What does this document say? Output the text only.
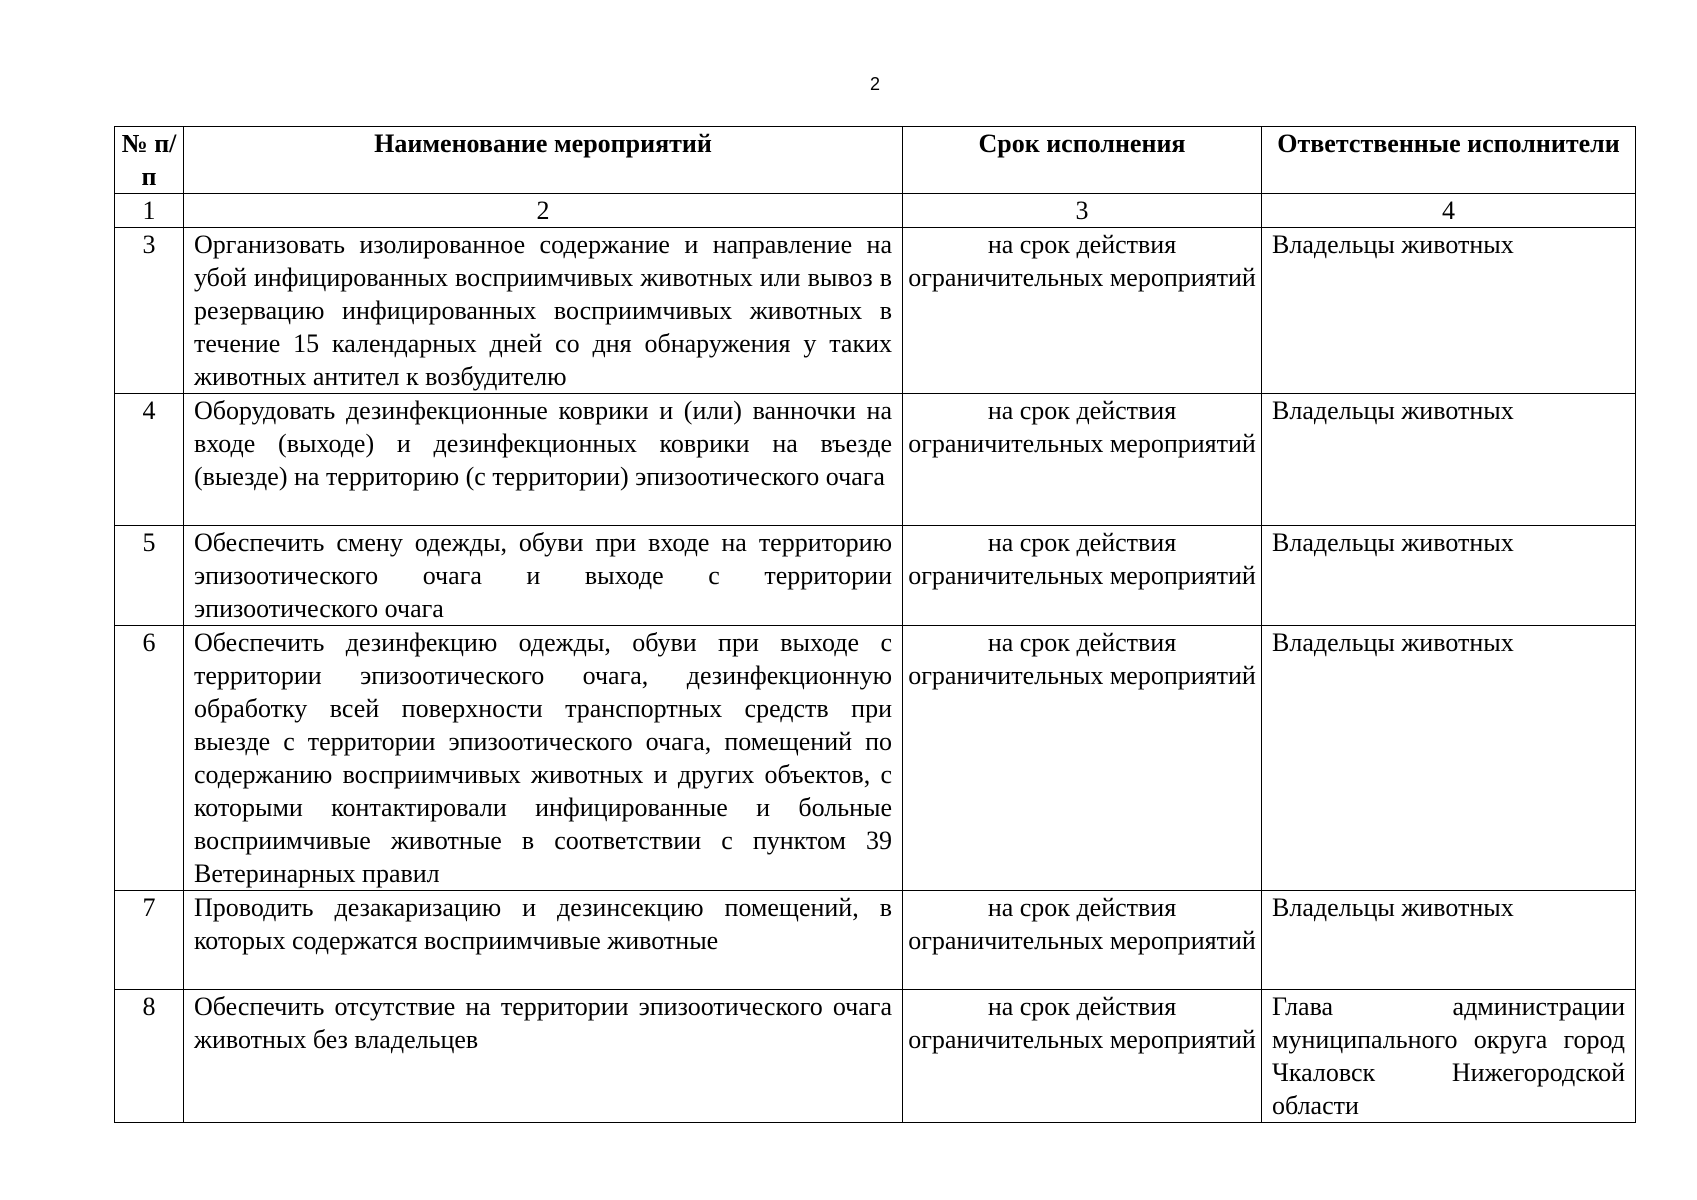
2
№ п/п	Наименование мероприятий	Срок исполнения	Ответственные исполнители
1	2	3	4
3	Организовать изолированное содержание и направление на убой инфицированных восприимчивых животных или вывоз в резервацию инфицированных восприимчивых животных в течение 15 календарных дней со дня обнаружения у таких животных антител к возбудителю	на срок действия ограничительных мероприятий	Владельцы животных
4	Оборудовать дезинфекционные коврики и (или) ванночки на входе (выходе) и дезинфекционных коврики на въезде (выезде) на территорию (с территории) эпизоотического очага	на срок действия ограничительных мероприятий	Владельцы животных
5	Обеспечить смену одежды, обуви при входе на территорию эпизоотического очага и выходе с территории эпизоотического очага	на срок действия ограничительных мероприятий	Владельцы животных
6	Обеспечить дезинфекцию одежды, обуви при выходе с территории эпизоотического очага, дезинфекционную обработку всей поверхности транспортных средств при выезде с территории эпизоотического очага, помещений по содержанию восприимчивых животных и других объектов, с которыми контактировали инфицированные и больные восприимчивые животные в соответствии с пунктом 39 Ветеринарных правил	на срок действия ограничительных мероприятий	Владельцы животных
7	Проводить дезакаризацию и дезинсекцию помещений, в которых содержатся восприимчивые животные	на срок действия ограничительных мероприятий	Владельцы животных
8	Обеспечить отсутствие на территории эпизоотического очага животных без владельцев	на срок действия ограничительных мероприятий	Глава администрации муниципального округа город Чкаловск Нижегородской области
